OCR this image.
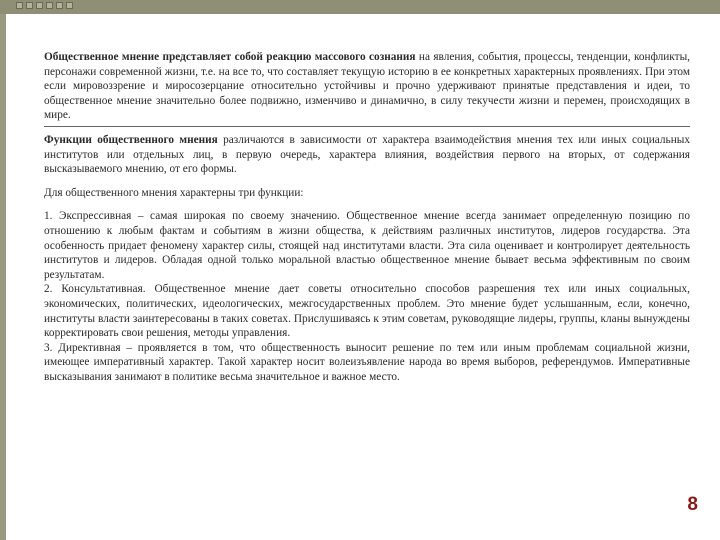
Общественное мнение представляет собой реакцию массового сознания на явления, события, процессы, тенденции, конфликты, персонажи современной жизни, т.е. на все то, что составляет текущую историю в ее конкретных характерных проявлениях. При этом если мировоззрение и миросозерцание относительно устойчивы и прочно удерживают принятые представления и идеи, то общественное мнение значительно более подвижно, изменчиво и динамично, в силу текучести жизни и перемен, происходящих в мире.

Функции общественного мнения различаются в зависимости от характера взаимодействия мнения тех или иных социальных институтов или отдельных лиц, в первую очередь, характера влияния, воздействия первого на вторых, от содержания высказываемого мнению, от его формы.

Для общественного мнения характерны три функции:

1. Экспрессивная – самая широкая по своему значению. Общественное мнение всегда занимает определенную позицию по отношению к любым фактам и событиям в жизни общества, к действиям различных институтов, лидеров государства. Эта особенность придает феномену характер силы, стоящей над институтами власти. Эта сила оценивает и контролирует деятельность институтов и лидеров. Обладая одной только моральной властью общественное мнение бывает весьма эффективным по своим результатам.

2. Консультативная. Общественное мнение дает советы относительно способов разрешения тех или иных социальных, экономических, политических, идеологических, межгосударственных проблем. Это мнение будет услышанным, если, конечно, институты власти заинтересованы в таких советах. Прислушиваясь к этим советам, руководящие лидеры, группы, кланы вынуждены корректировать свои решения, методы управления.

3. Директивная – проявляется в том, что общественность выносит решение по тем или иным проблемам социальной жизни, имеющее императивный характер. Такой характер носит волеизъявление народа во время выборов, референдумов. Императивные высказывания занимают в политике весьма значительное и важное место.

8
